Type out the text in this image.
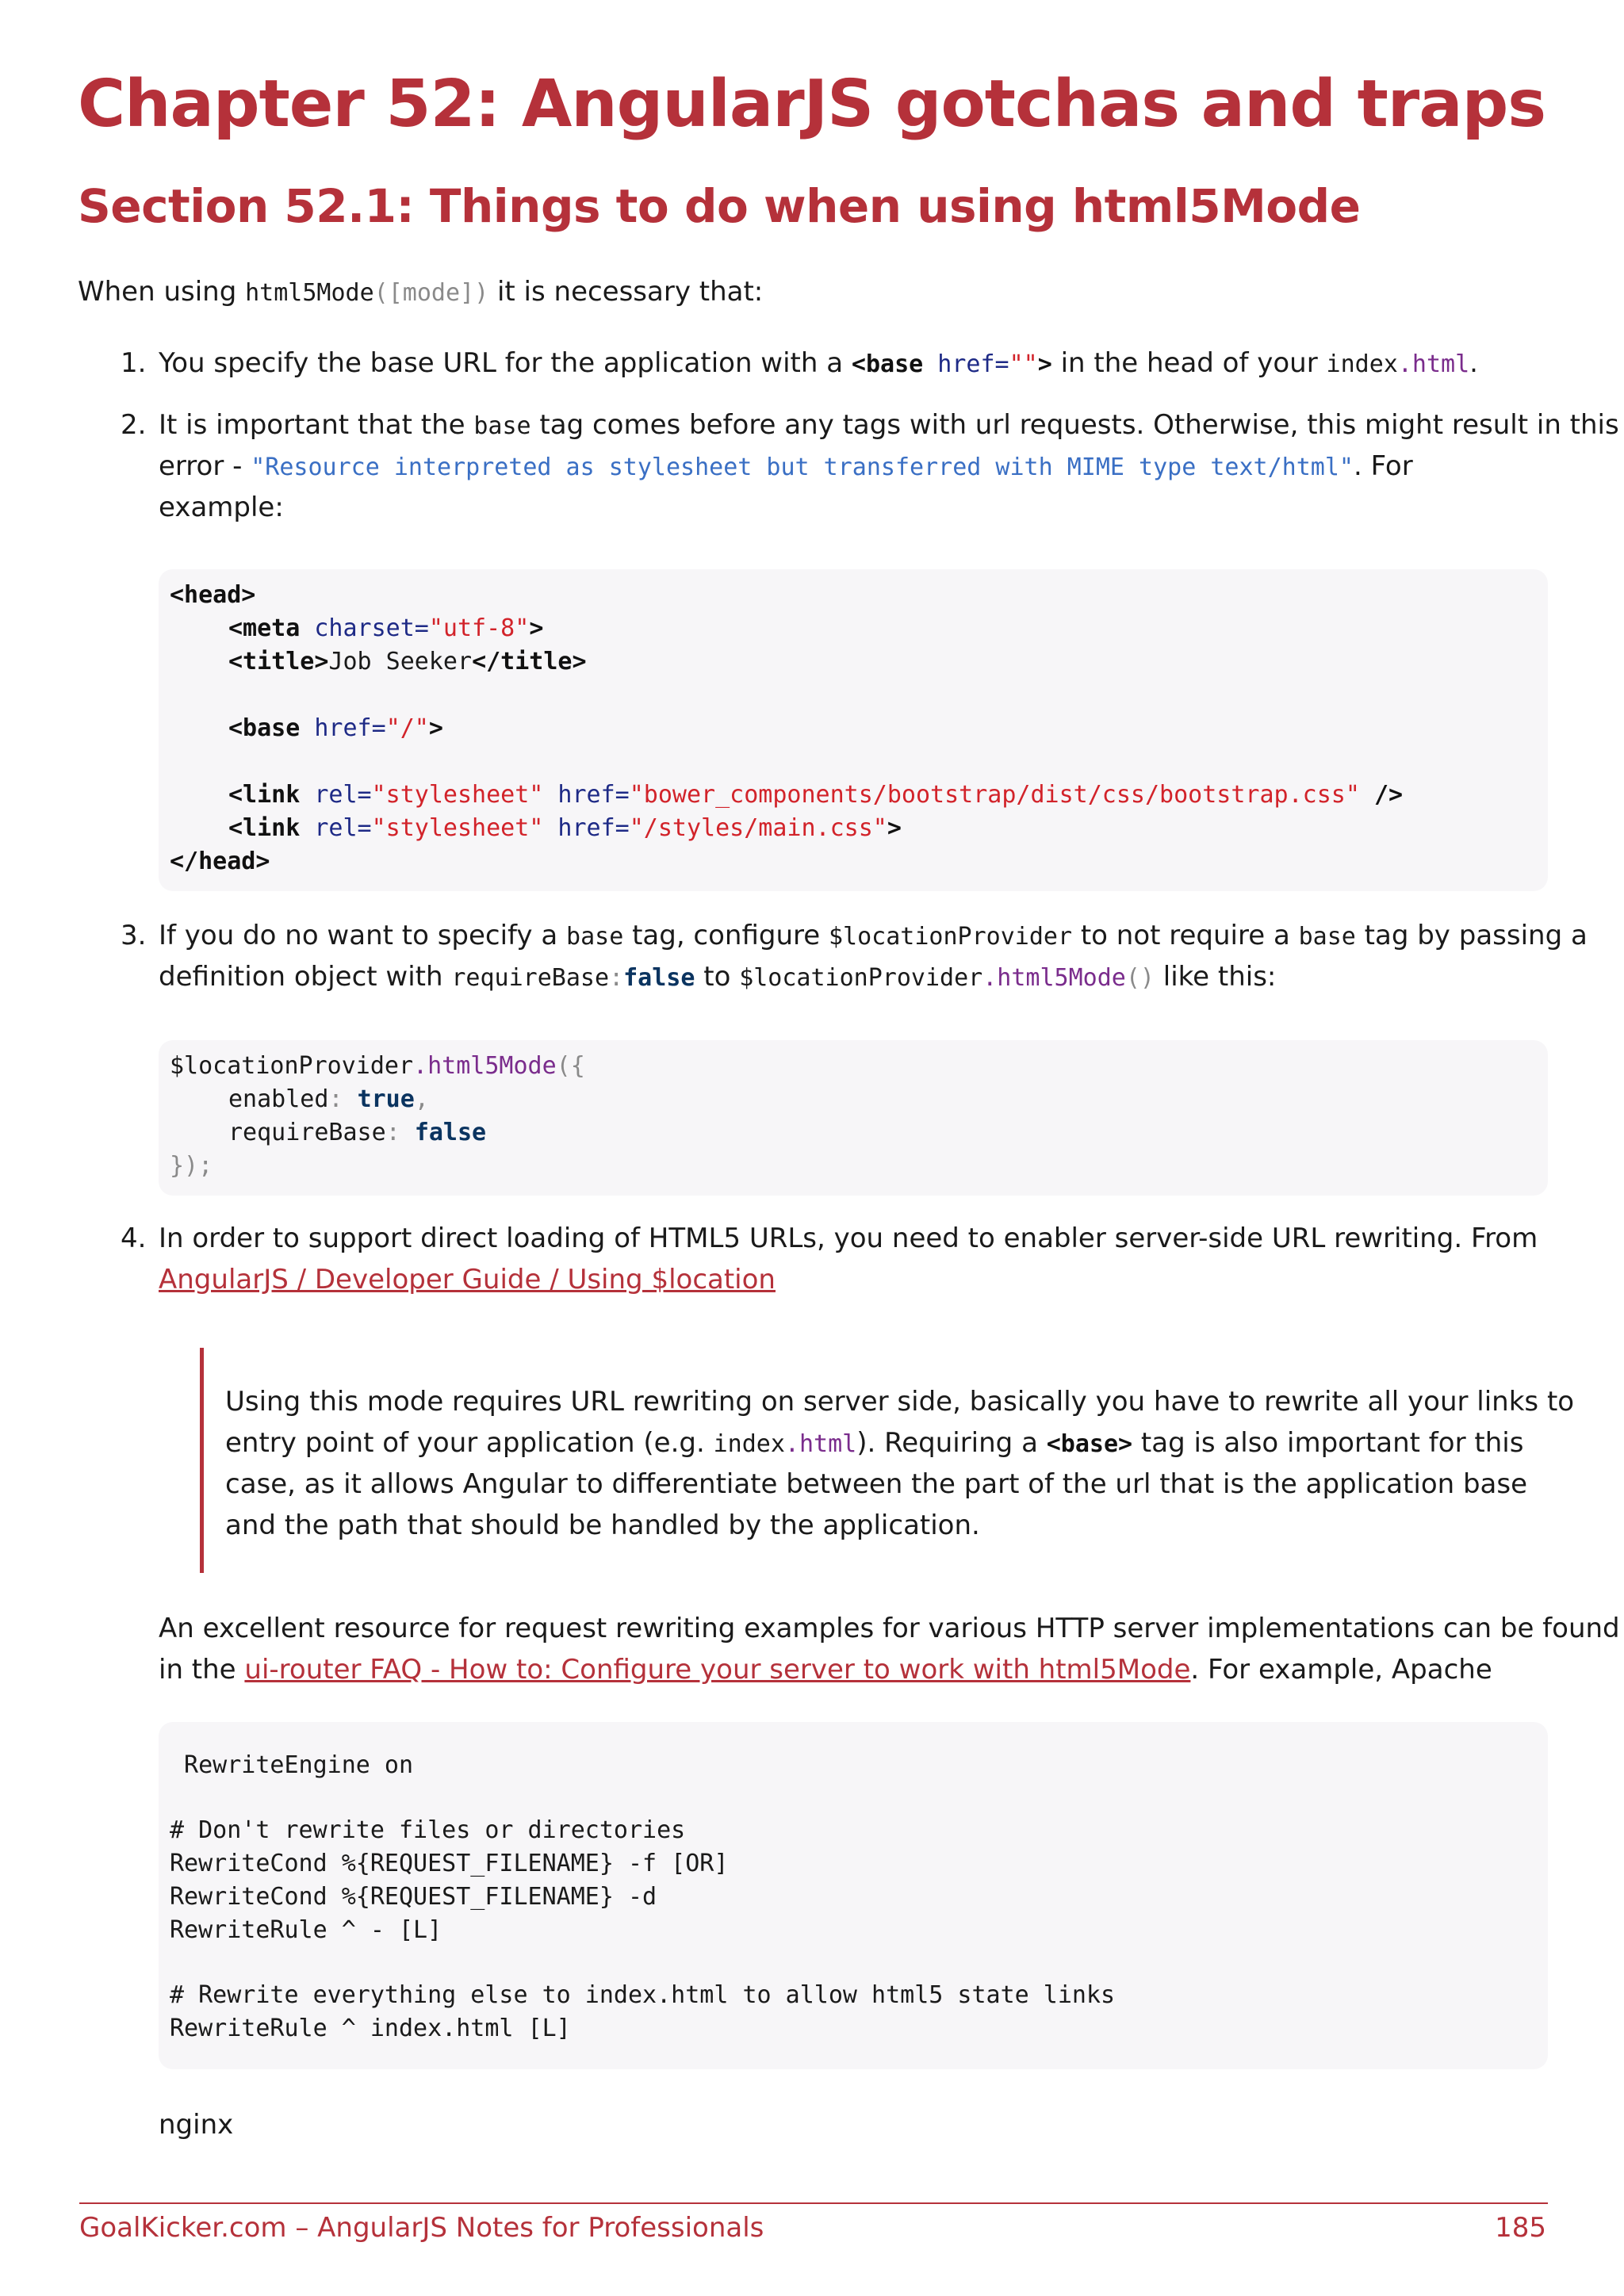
Chapter 52: AngularJS gotchas and traps
Section 52.1: Things to do when using html5Mode
When using html5Mode([mode]) it is necessary that:
1. You specify the base URL for the application with a <base href=""> in the head of your index.html.
2. It is important that the base tag comes before any tags with url requests. Otherwise, this might result in this
error - "Resource interpreted as stylesheet but transferred with MIME type text/html". For
example:
<head>
<meta charset="utf-8">
<title>Job Seeker</title>
<base href="/">
<link rel="stylesheet" href="bower_components/bootstrap/dist/css/bootstrap.css" />
<link rel="stylesheet" href="/styles/main.css">
</head>
3. If you do no want to specify a base tag, configure $locationProvider to not require a base tag by passing a
definition object with requireBase:false to $locationProvider.html5Mode() like this:
$locationProvider.html5Mode({
enabled: true,
requireBase: false
});
4. In order to support direct loading of HTML5 URLs, you need to enabler server-side URL rewriting. From
AngularJS / Developer Guide / Using $location
Using this mode requires URL rewriting on server side, basically you have to rewrite all your links to
entry point of your application (e.g. index.html). Requiring a <base> tag is also important for this
case, as it allows Angular to differentiate between the part of the url that is the application base
and the path that should be handled by the application.
An excellent resource for request rewriting examples for various HTTP server implementations can be found
in the ui-router FAQ - How to: Configure your server to work with html5Mode. For example, Apache
RewriteEngine on
# Don't rewrite files or directories
RewriteCond %{REQUEST_FILENAME} -f [OR]
RewriteCond %{REQUEST_FILENAME} -d
RewriteRule ^ - [L]
# Rewrite everything else to index.html to allow html5 state links
RewriteRule ^ index.html [L]
nginx
GoalKicker.com – AngularJS Notes for Professionals	185
